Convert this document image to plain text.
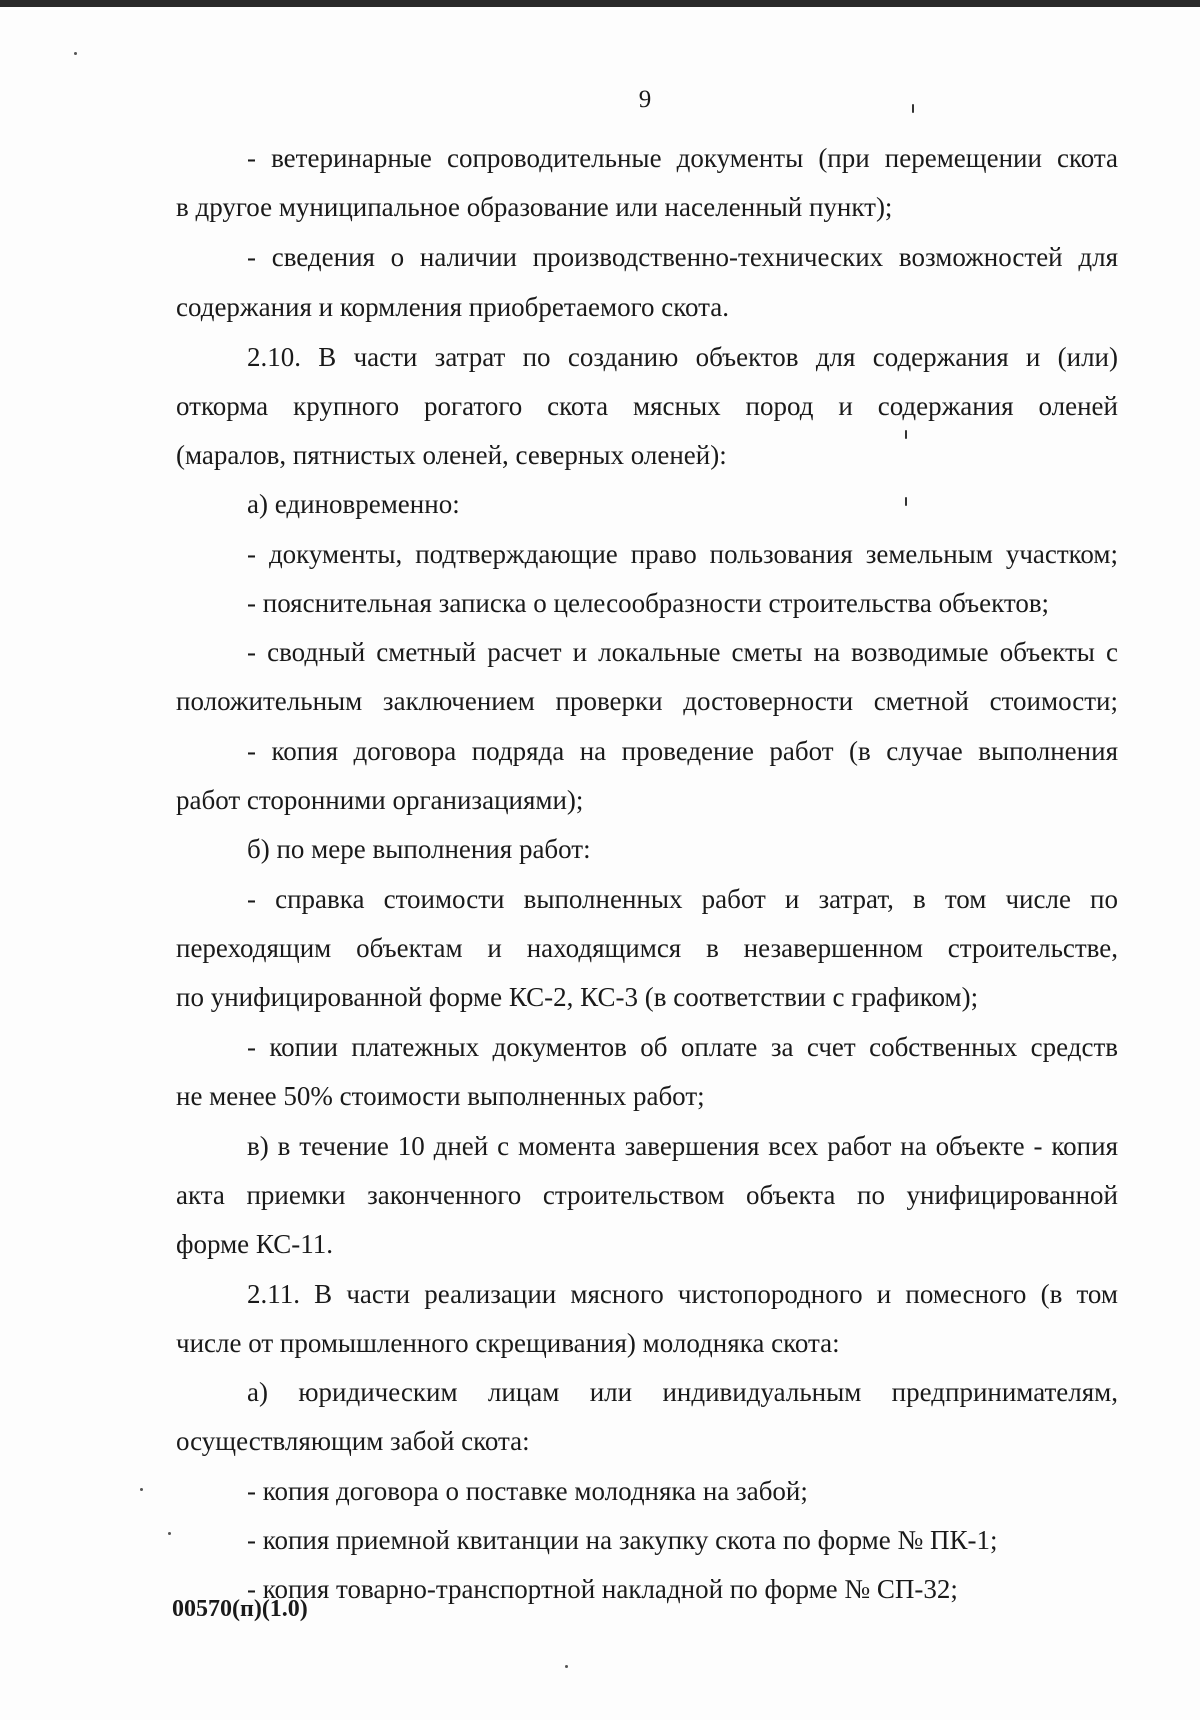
9
- ветеринарные сопроводительные документы (при перемещении скота
в другое муниципальное образование или населенный пункт);
- сведения о наличии производственно-технических возможностей для
содержания и кормления приобретаемого скота.
2.10. В части затрат по созданию объектов для содержания и (или)
откорма крупного рогатого скота мясных пород и содержания оленей
(маралов, пятнистых оленей, северных оленей):
а) единовременно:
- документы, подтверждающие право пользования земельным участком;
- пояснительная записка о целесообразности строительства объектов;
- сводный сметный расчет и локальные сметы на возводимые объекты с
положительным заключением проверки достоверности сметной стоимости;
- копия договора подряда на проведение работ (в случае выполнения
работ сторонними организациями);
б) по мере выполнения работ:
- справка стоимости выполненных работ и затрат, в том числе по
переходящим объектам и находящимся в незавершенном строительстве,
по унифицированной форме КС-2, КС-3 (в соответствии с графиком);
- копии платежных документов об оплате за счет собственных средств
не менее 50% стоимости выполненных работ;
в) в течение 10 дней с момента завершения всех работ на объекте - копия
акта приемки законченного строительством объекта по унифицированной
форме КС-11.
2.11. В части реализации мясного чистопородного и помесного (в том
числе от промышленного скрещивания) молодняка скота:
а) юридическим лицам или индивидуальным предпринимателям,
осуществляющим забой скота:
- копия договора о поставке молодняка на забой;
- копия приемной квитанции на закупку скота по форме № ПК-1;
- копия товарно-транспортной накладной по форме № СП-32;
00570(п)(1.0)
